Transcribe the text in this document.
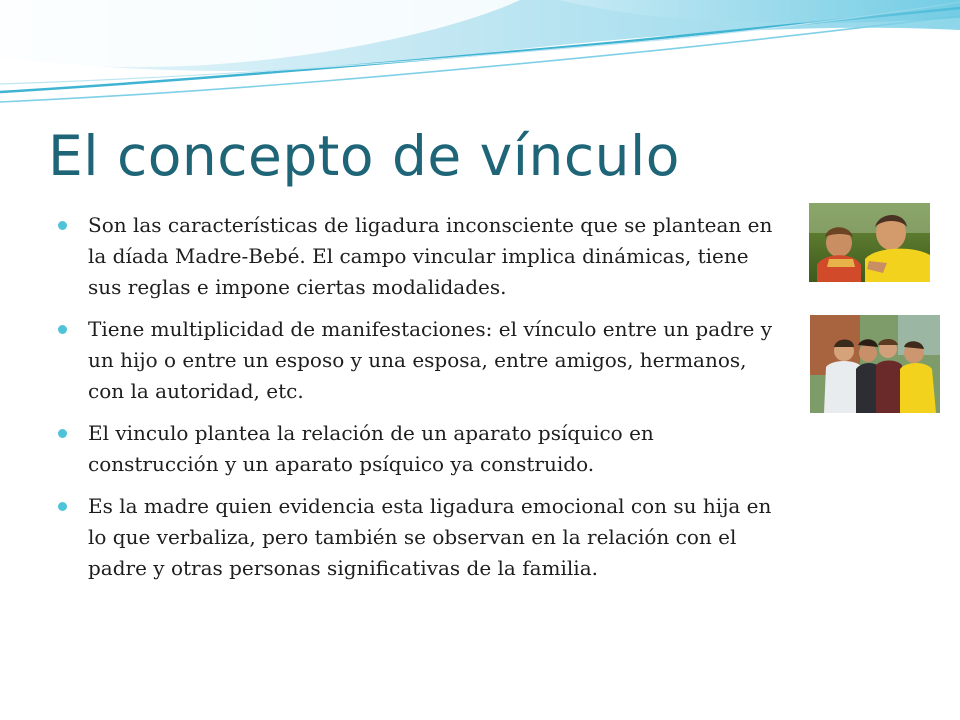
El concepto de vínculo
Son las características de ligadura inconsciente que se plantean en la díada Madre-Bebé. El campo vincular implica dinámicas, tiene sus reglas e impone ciertas modalidades.
Tiene multiplicidad de manifestaciones: el vínculo entre un padre y un hijo o entre un esposo y una esposa, entre amigos, hermanos, con la autoridad, etc.
El vinculo plantea la relación de un aparato psíquico en construcción y un aparato psíquico ya construido.
Es la madre quien evidencia esta ligadura emocional con su hija en lo que verbaliza, pero también se observan en la relación con el padre y otras personas significativas de la familia.
